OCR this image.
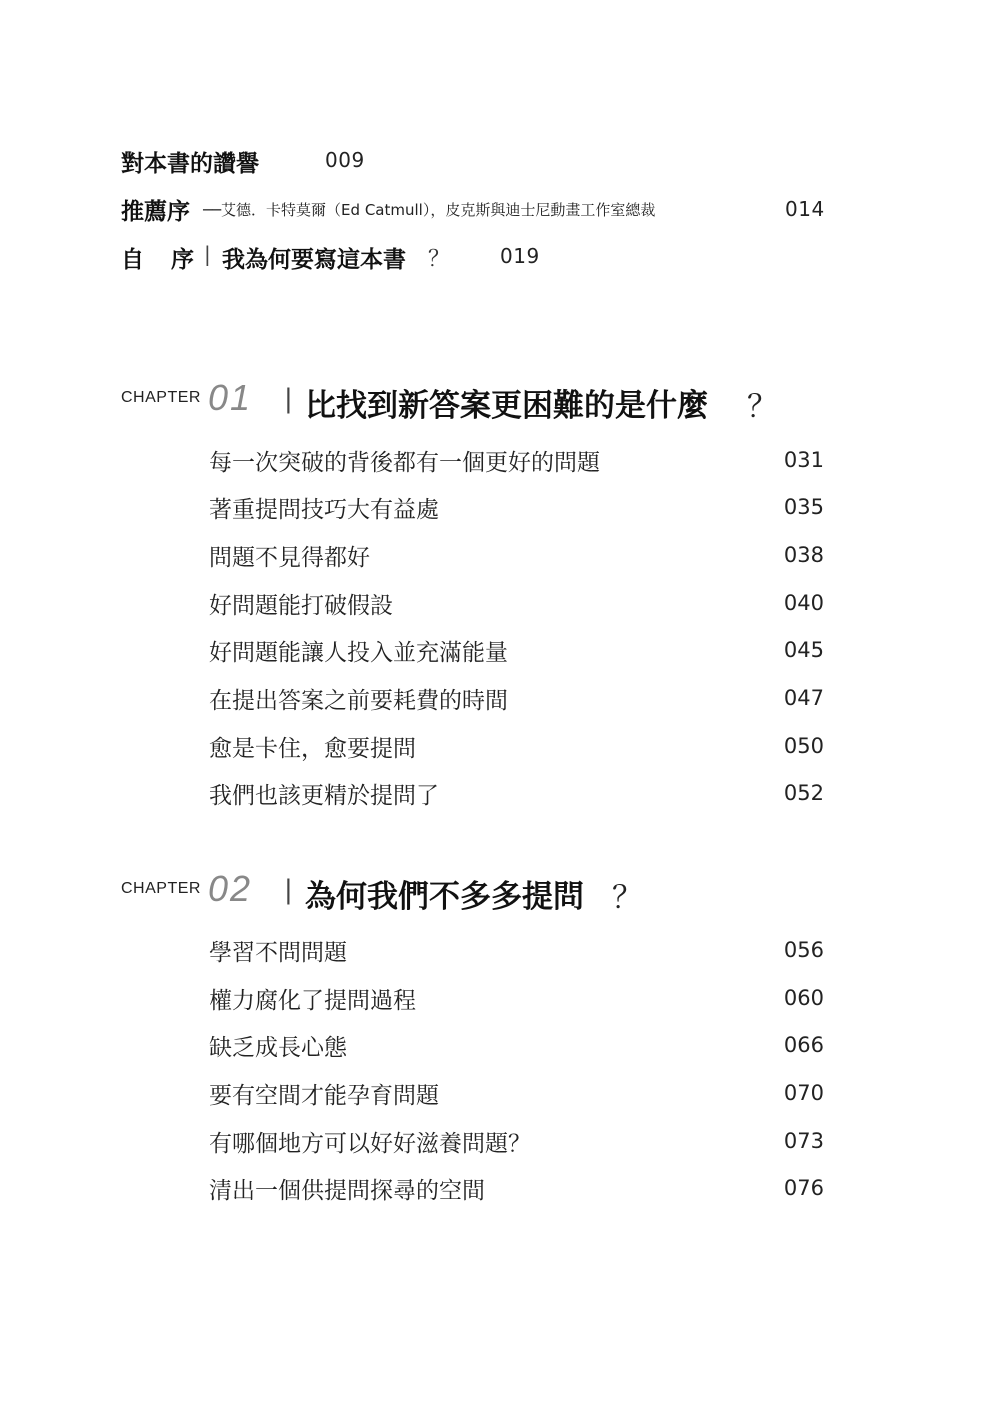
對本書的讚譽	009
推薦序 ──艾德．卡特莫爾（Ed Catmull），皮克斯與迪士尼動畫工作室總裁	014
自 序 | 我為何要寫這本書 ？ 019
CHAPTER 01 | 比找到新答案更困難的是什麼 ？
每一次突破的背後都有一個更好的問題	031
著重提問技巧大有益處	035
問題不見得都好	038
好問題能打破假設	040
好問題能讓人投入並充滿能量	045
在提出答案之前要耗費的時間	047
愈是卡住，愈要提問	050
我們也該更精於提問了	052
CHAPTER 02 | 為何我們不多多提問 ？
學習不問問題	056
權力腐化了提問過程	060
缺乏成長心態	066
要有空間才能孕育問題	070
有哪個地方可以好好滋養問題？	073
清出一個供提問探尋的空間	076
